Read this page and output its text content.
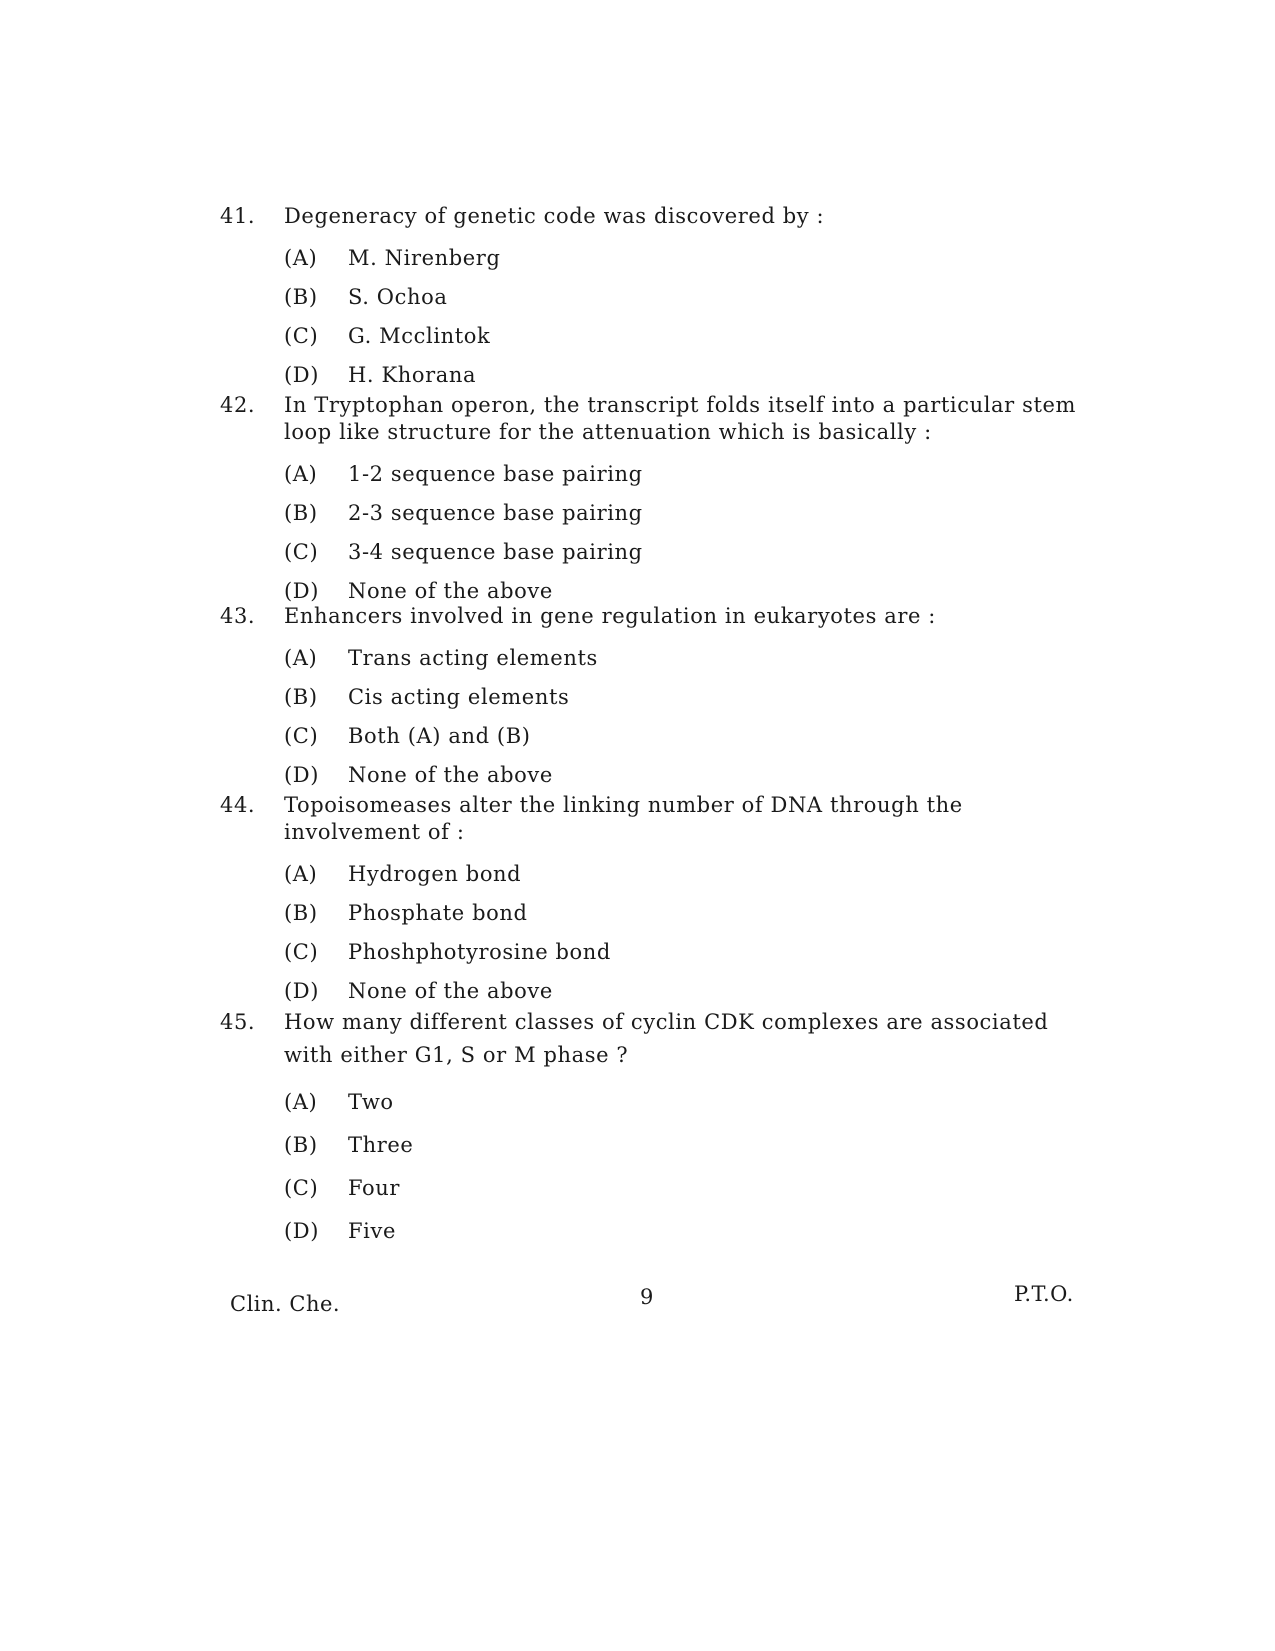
41.	Degeneracy of genetic code was discovered by :
(A)	M. Nirenberg
(B)	S. Ochoa
(C)	G. Mcclintok
(D)	H. Khorana
42.	In Tryptophan operon, the transcript folds itself into a particular stem loop like structure for the attenuation which is basically :
(A)	1-2 sequence base pairing
(B)	2-3 sequence base pairing
(C)	3-4 sequence base pairing
(D)	None of the above
43.	Enhancers involved in gene regulation in eukaryotes are :
(A)	Trans acting elements
(B)	Cis acting elements
(C)	Both (A) and (B)
(D)	None of the above
44.	Topoisomeases alter the linking number of DNA through the involvement of :
(A)	Hydrogen bond
(B)	Phosphate bond
(C)	Phoshphotyrosine bond
(D)	None of the above
45.	How many different classes of cyclin CDK complexes are associated with either G1, S or M phase ?
(A)	Two
(B)	Three
(C)	Four
(D)	Five
Clin. Che.	9	P.T.O.
